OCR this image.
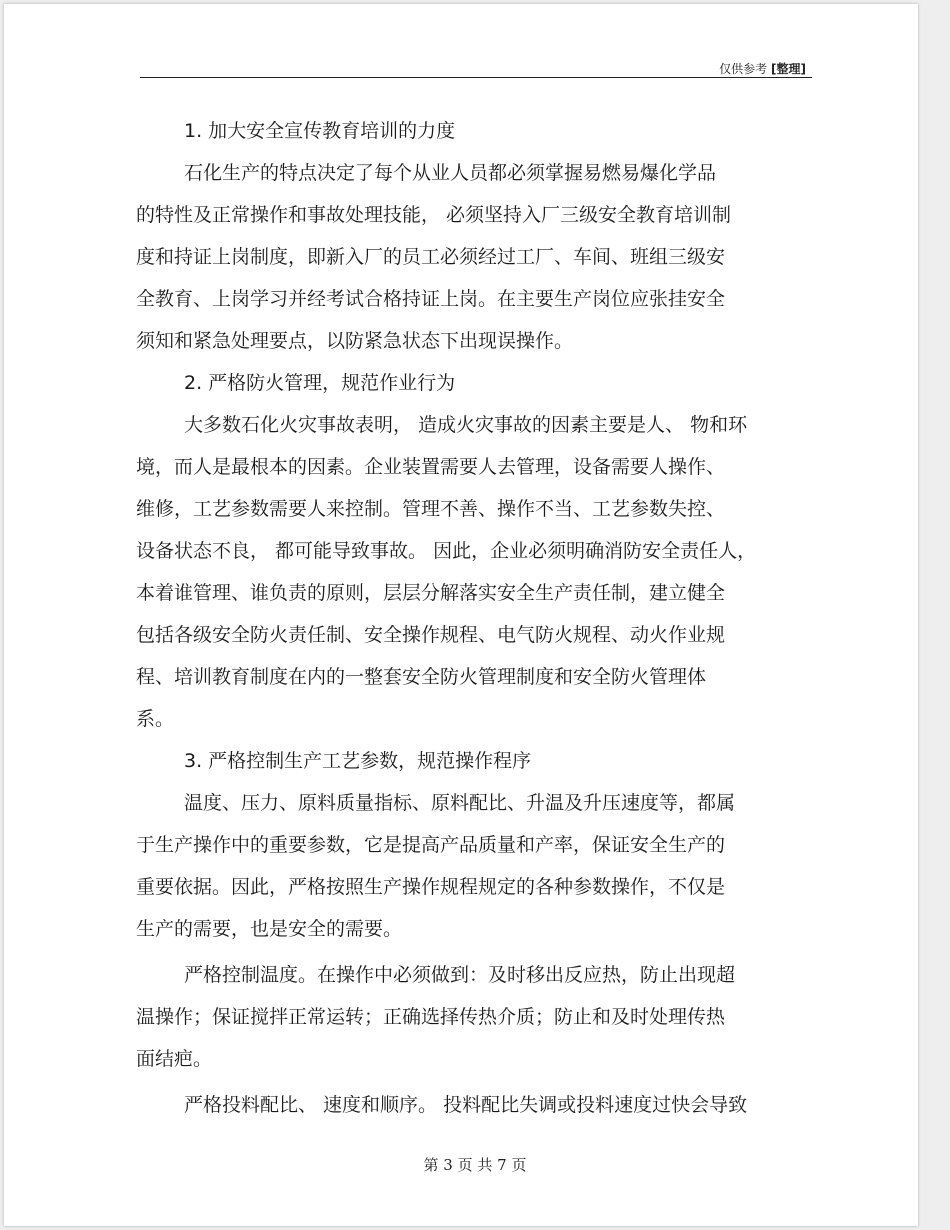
仅供参考 [整理]
1. 加大安全宣传教育培训的力度
石化生产的特点决定了每个从业人员都必须掌握易燃易爆化学品
的特性及正常操作和事故处理技能， 必须坚持入厂三级安全教育培训制
度和持证上岗制度，即新入厂的员工必须经过工厂、车间、班组三级安
全教育、上岗学习并经考试合格持证上岗。在主要生产岗位应张挂安全
须知和紧急处理要点，以防紧急状态下出现误操作。
2. 严格防火管理，规范作业行为
大多数石化火灾事故表明， 造成火灾事故的因素主要是人、 物和环
境，而人是最根本的因素。企业装置需要人去管理，设备需要人操作、
维修，工艺参数需要人来控制。管理不善、操作不当、工艺参数失控、
设备状态不良， 都可能导致事故。 因此，企业必须明确消防安全责任人，
本着谁管理、谁负责的原则，层层分解落实安全生产责任制，建立健全
包括各级安全防火责任制、安全操作规程、电气防火规程、动火作业规
程、培训教育制度在内的一整套安全防火管理制度和安全防火管理体
系。
3. 严格控制生产工艺参数，规范操作程序
温度、压力、原料质量指标、原料配比、升温及升压速度等，都属
于生产操作中的重要参数，它是提高产品质量和产率，保证安全生产的
重要依据。因此，严格按照生产操作规程规定的各种参数操作，不仅是
生产的需要，也是安全的需要。
严格控制温度。在操作中必须做到：及时移出反应热，防止出现超
温操作；保证搅拌正常运转；正确选择传热介质；防止和及时处理传热
面结疤。
严格投料配比、 速度和顺序。 投料配比失调或投料速度过快会导致
第 3 页 共 7 页
